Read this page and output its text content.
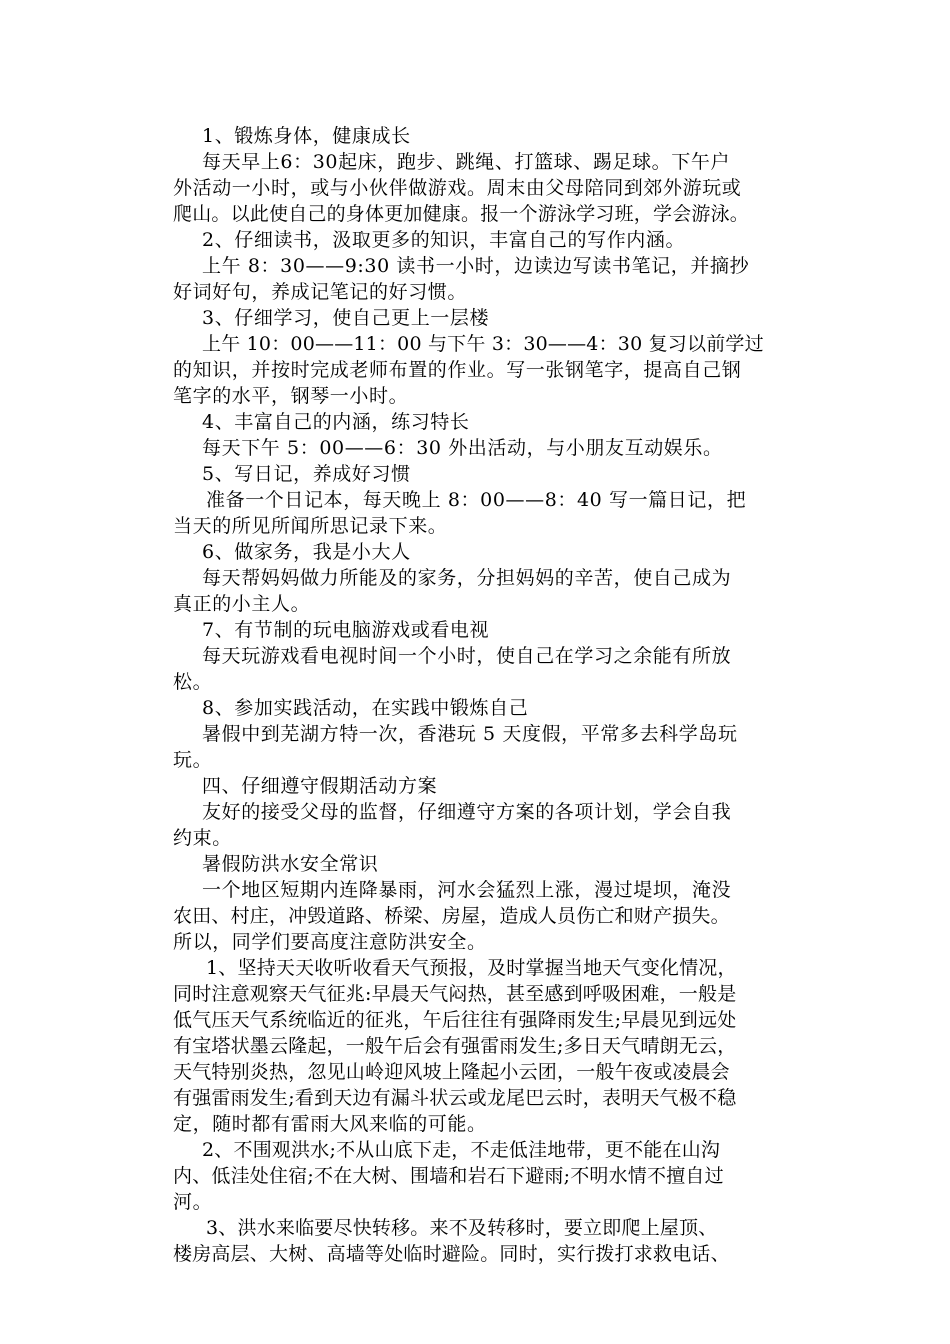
1、锻炼身体，健康成长
每天早上6：30起床，跑步、跳绳、打篮球、踢足球。下午户
外活动一小时，或与小伙伴做游戏。周末由父母陪同到郊外游玩或
爬山。以此使自己的身体更加健康。报一个游泳学习班，学会游泳。
2、仔细读书，汲取更多的知识，丰富自己的写作内涵。
上午 8：30——9:30 读书一小时，边读边写读书笔记，并摘抄
好词好句，养成记笔记的好习惯。
3、仔细学习，使自己更上一层楼
上午 10：00——11：00 与下午 3：30——4：30 复习以前学过
的知识，并按时完成老师布置的作业。写一张钢笔字，提高自己钢
笔字的水平，钢琴一小时。
4、丰富自己的内涵，练习特长
每天下午 5：00——6：30 外出活动，与小朋友互动娱乐。
5、写日记，养成好习惯
准备一个日记本，每天晚上 8：00——8：40 写一篇日记，把
当天的所见所闻所思记录下来。
6、做家务，我是小大人
每天帮妈妈做力所能及的家务，分担妈妈的辛苦，使自己成为
真正的小主人。
7、有节制的玩电脑游戏或看电视
每天玩游戏看电视时间一个小时，使自己在学习之余能有所放
松。
8、参加实践活动，在实践中锻炼自己
暑假中到芜湖方特一次，香港玩 5 天度假，平常多去科学岛玩
玩。
四、仔细遵守假期活动方案
友好的接受父母的监督，仔细遵守方案的各项计划，学会自我
约束。
暑假防洪水安全常识
一个地区短期内连降暴雨，河水会猛烈上涨，漫过堤坝，淹没
农田、村庄，冲毁道路、桥梁、房屋，造成人员伤亡和财产损失。
所以，同学们要高度注意防洪安全。
1、坚持天天收听收看天气预报，及时掌握当地天气变化情况，
同时注意观察天气征兆:早晨天气闷热，甚至感到呼吸困难，一般是
低气压天气系统临近的征兆，午后往往有强降雨发生;早晨见到远处
有宝塔状墨云隆起，一般午后会有强雷雨发生;多日天气晴朗无云，
天气特别炎热，忽见山岭迎风坡上隆起小云团，一般午夜或凌晨会
有强雷雨发生;看到天边有漏斗状云或龙尾巴云时，表明天气极不稳
定，随时都有雷雨大风来临的可能。
2、不围观洪水;不从山底下走，不走低洼地带，更不能在山沟
内、低洼处住宿;不在大树、围墙和岩石下避雨;不明水情不擅自过
河。
3、洪水来临要尽快转移。来不及转移时，要立即爬上屋顶、
楼房高层、大树、高墙等处临时避险。同时，实行拨打求救电话、
